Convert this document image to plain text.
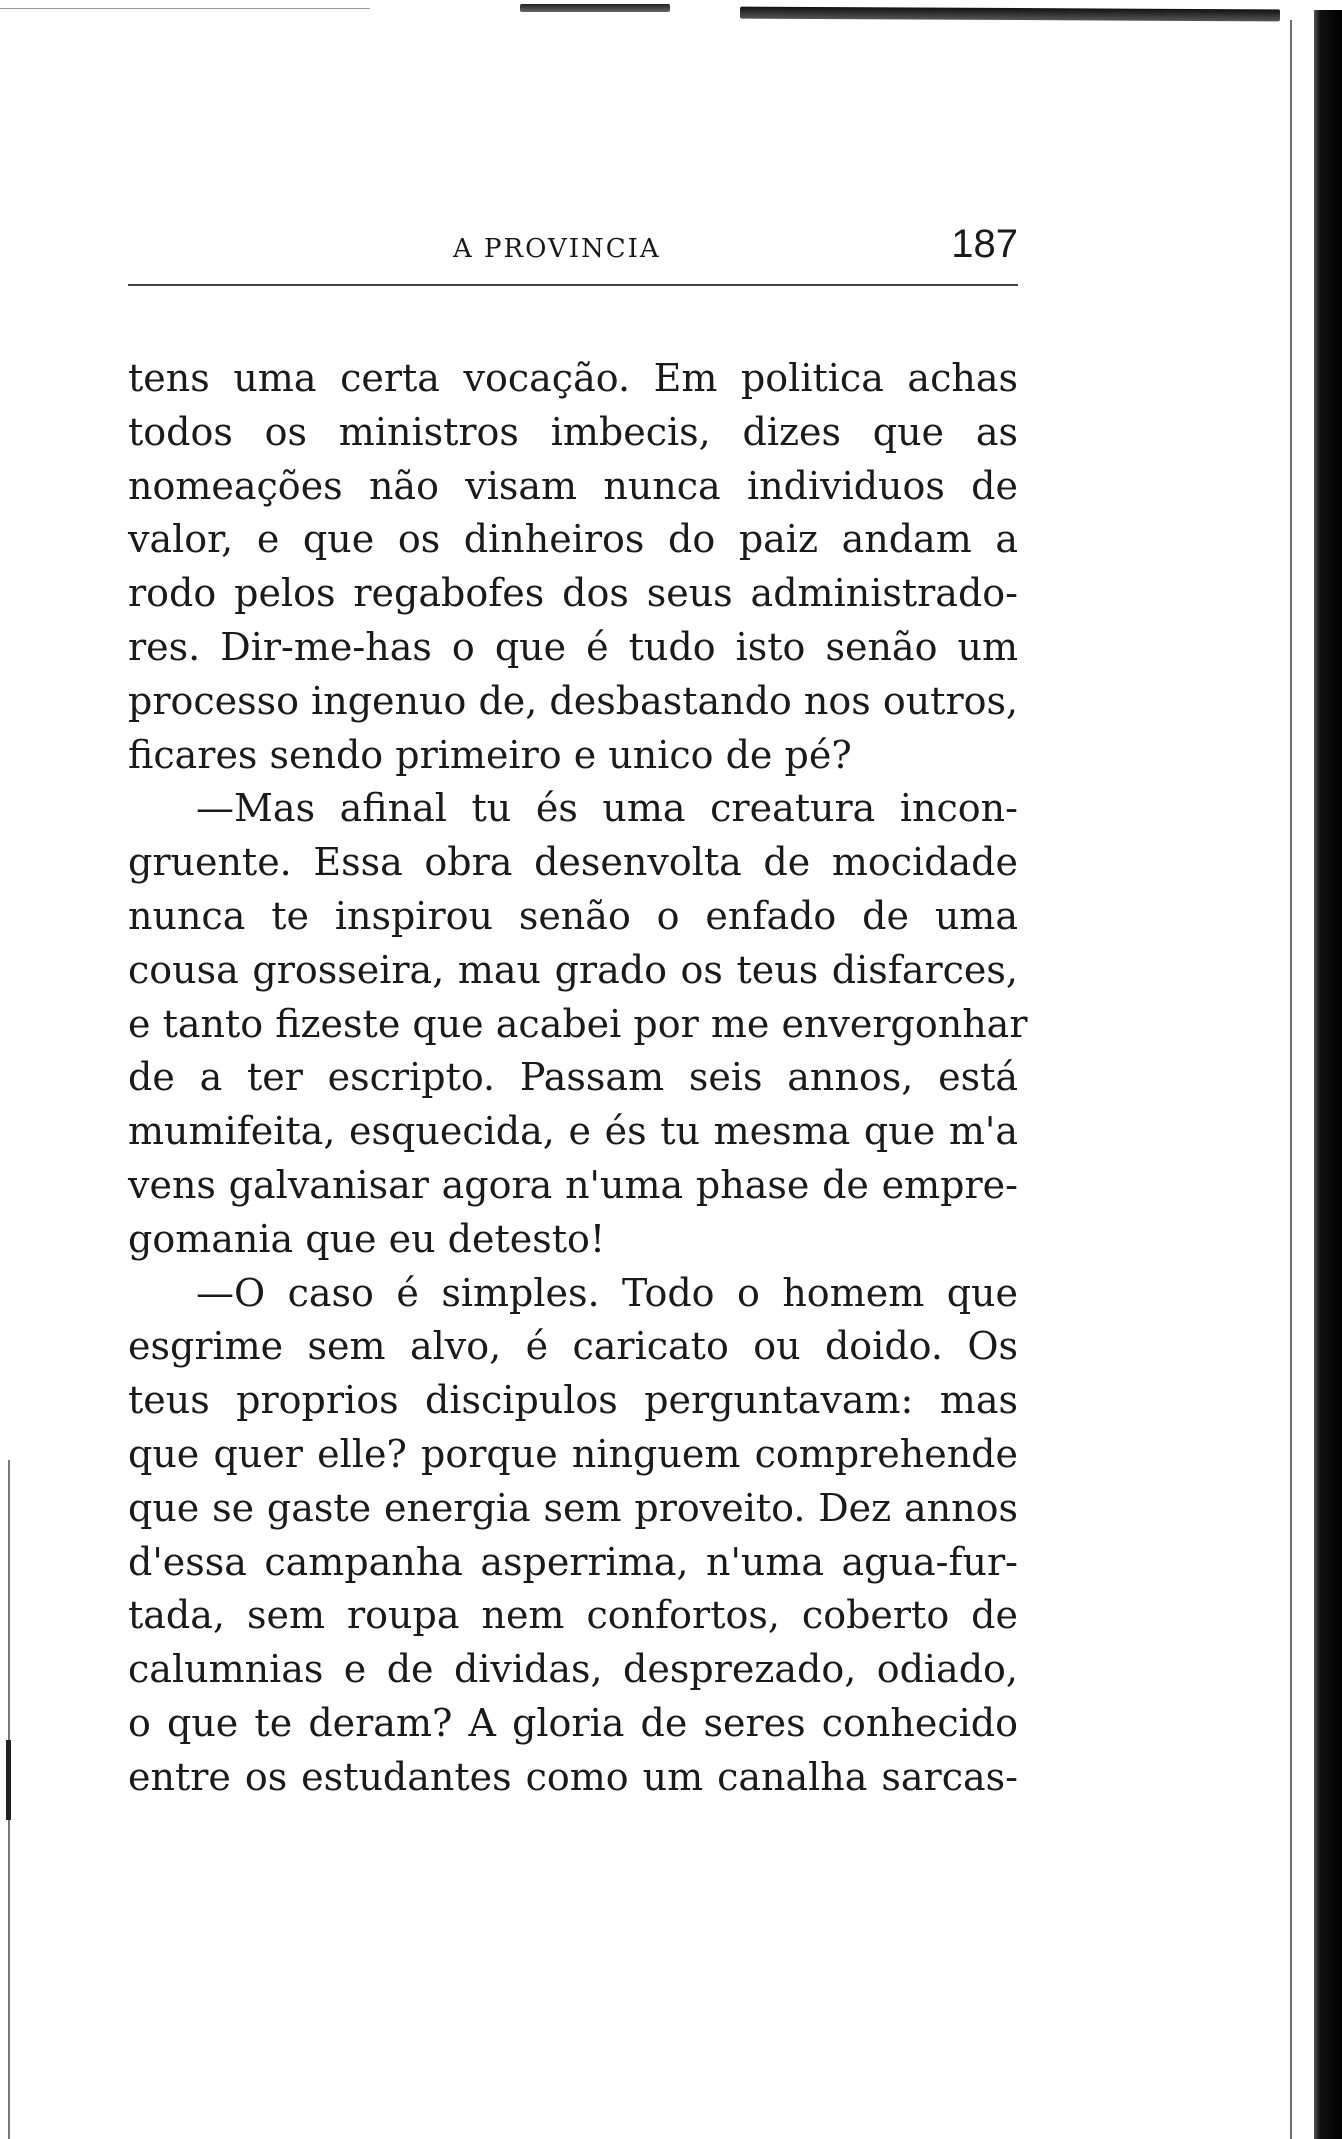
A PROVINCIA	187
tens uma certa vocação. Em politica achas
todos os ministros imbecis, dizes que as
nomeações não visam nunca individuos de
valor, e que os dinheiros do paiz andam a
rodo pelos regabofes dos seus administrado-
res. Dir-me-has o que é tudo isto senão um
processo ingenuo de, desbastando nos outros,
ficares sendo primeiro e unico de pé?
—Mas afinal tu és uma creatura incon-
gruente. Essa obra desenvolta de mocidade
nunca te inspirou senão o enfado de uma
cousa grosseira, mau grado os teus disfarces,
e tanto fizeste que acabei por me envergonhar
de a ter escripto. Passam seis annos, está
mumifeita, esquecida, e és tu mesma que m'a
vens galvanisar agora n'uma phase de empre-
gomania que eu detesto!
—O caso é simples. Todo o homem que
esgrime sem alvo, é caricato ou doido. Os
teus proprios discipulos perguntavam: mas
que quer elle? porque ninguem comprehende
que se gaste energia sem proveito. Dez annos
d'essa campanha asperrima, n'uma agua-fur-
tada, sem roupa nem confortos, coberto de
calumnias e de dividas, desprezado, odiado,
o que te deram? A gloria de seres conhecido
entre os estudantes como um canalha sarcas-
